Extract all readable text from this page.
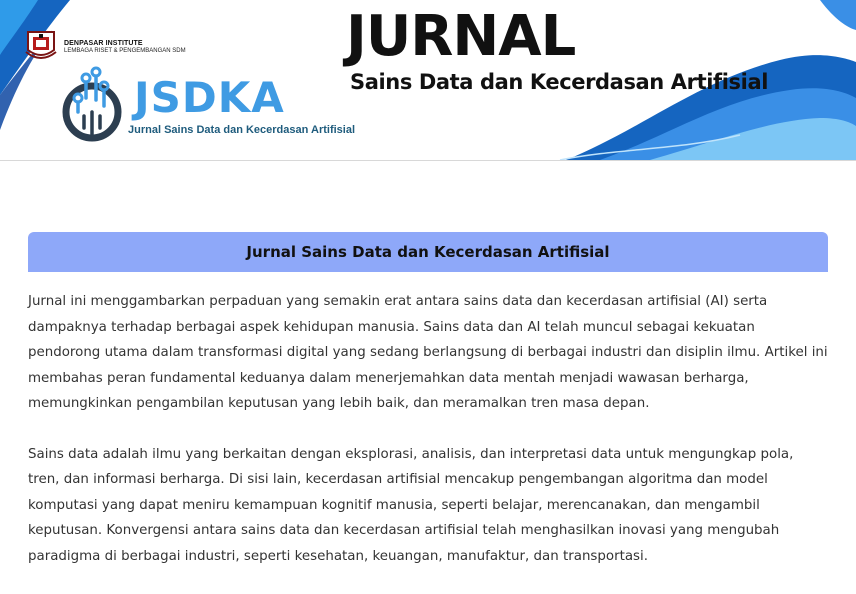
DENPASAR INSTITUTE
LEMBAGA RISET & PENGEMBANGAN SDM
JSDKA
Jurnal Sains Data dan Kecerdasan Artifisial
JURNAL
Sains Data dan Kecerdasan Artifisial
Jurnal Sains Data dan Kecerdasan Artifisial

Jurnal ini menggambarkan perpaduan yang semakin erat antara sains data dan kecerdasan artifisial (AI) serta dampaknya terhadap berbagai aspek kehidupan manusia. Sains data dan AI telah muncul sebagai kekuatan pendorong utama dalam transformasi digital yang sedang berlangsung di berbagai industri dan disiplin ilmu. Artikel ini membahas peran fundamental keduanya dalam menerjemahkan data mentah menjadi wawasan berharga, memungkinkan pengambilan keputusan yang lebih baik, dan meramalkan tren masa depan.

Sains data adalah ilmu yang berkaitan dengan eksplorasi, analisis, dan interpretasi data untuk mengungkap pola, tren, dan informasi berharga. Di sisi lain, kecerdasan artifisial mencakup pengembangan algoritma dan model komputasi yang dapat meniru kemampuan kognitif manusia, seperti belajar, merencanakan, dan mengambil keputusan. Konvergensi antara sains data dan kecerdasan artifisial telah menghasilkan inovasi yang mengubah paradigma di berbagai industri, seperti kesehatan, keuangan, manufaktur, dan transportasi.
